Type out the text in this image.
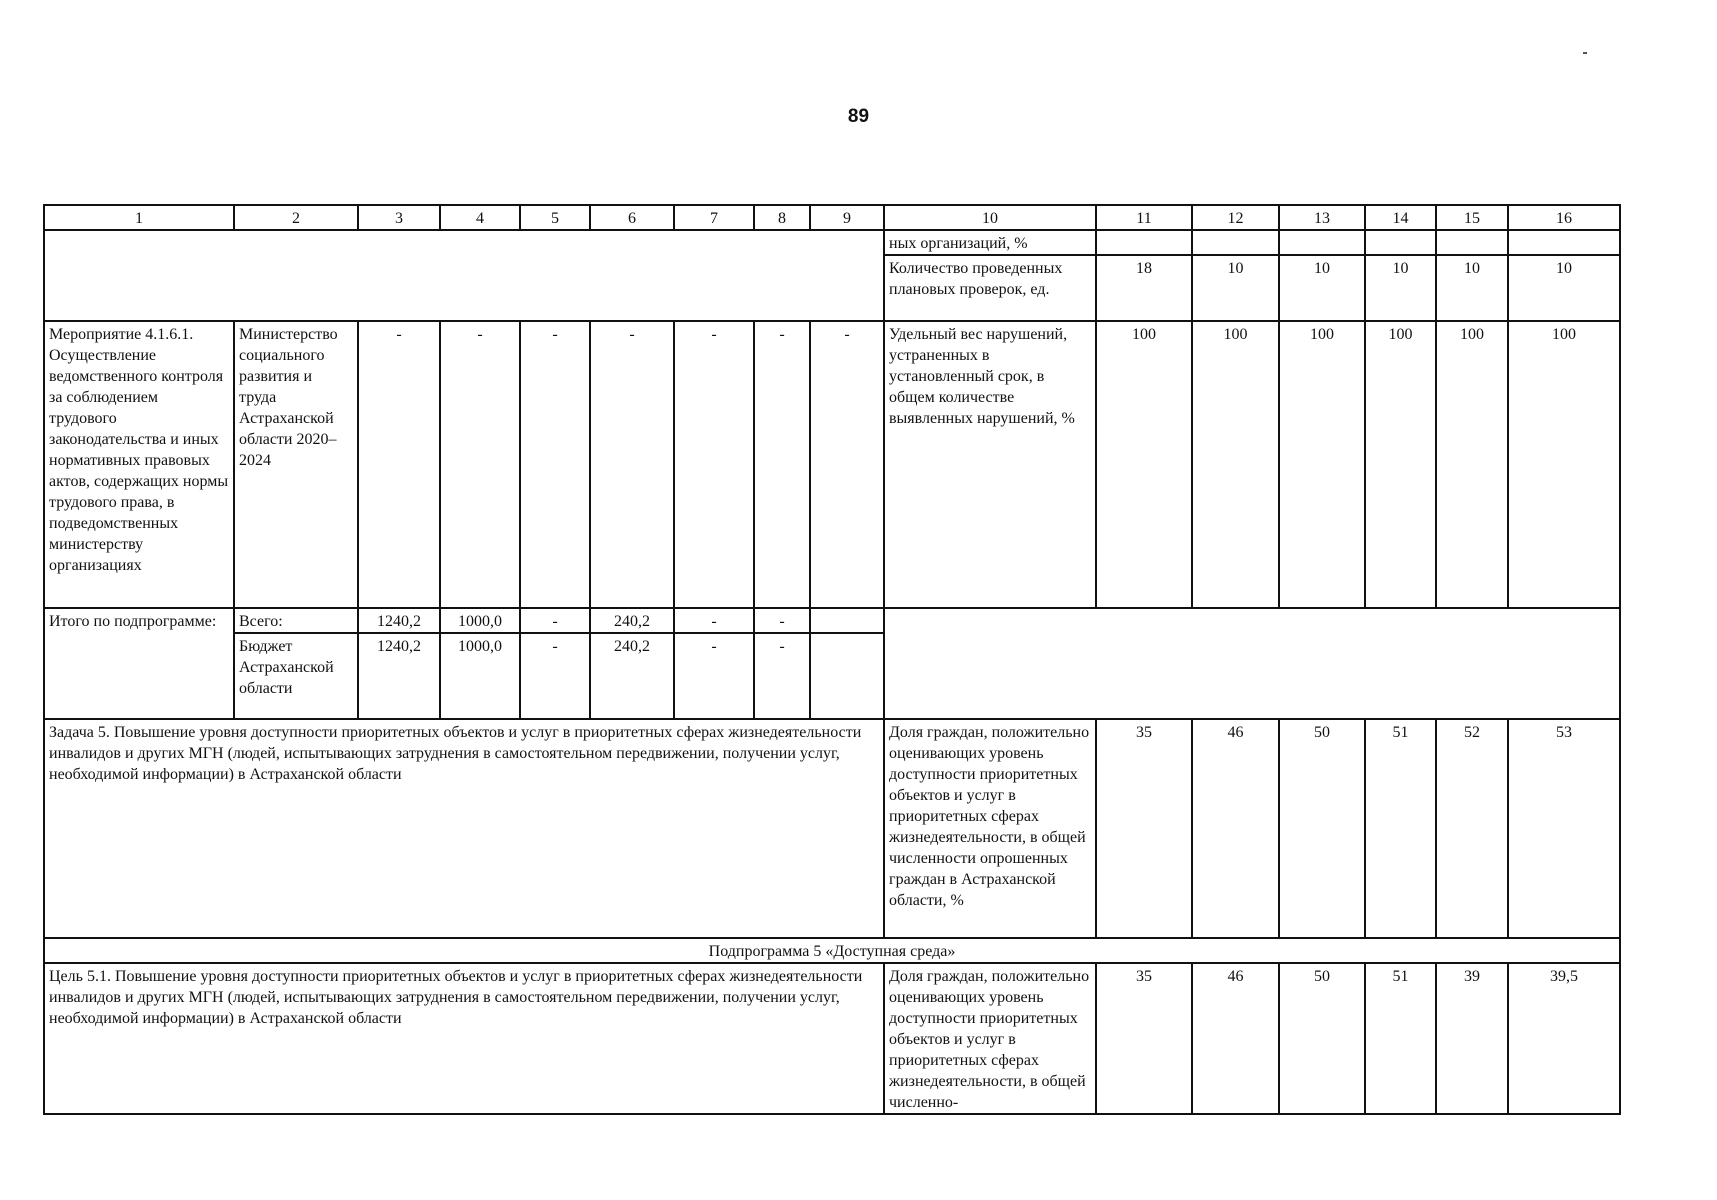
89
1	2	3	4	5	6	7	8	9	10	11	12	13	14	15	16
									ных организаций, %						
									Количество проведенных плановых проверок, ед.	18	10	10	10	10	10
Мероприятие 4.1.6.1. Осуществление ведомственного контроля за соблюдением трудового законодательства и иных нормативных правовых актов, содержащих нормы трудового права, в подведомственных министерству организациях	Министерство социального развития и труда Астраханской области 2020–2024	-	-	-	-	-	-	-	Удельный вес нарушений, устраненных в установленный срок, в общем количестве выявленных нарушений, %	100	100	100	100	100	100
Итого по подпрограмме:	Всего:	1240,2	1000,0	-	240,2	-	-								
	Бюджет Астраханской области	1240,2	1000,0	-	240,2	-	-								
Задача 5. Повышение уровня доступности приоритетных объектов и услуг в приоритетных сферах жизнедеятельности инвалидов и других МГН (людей, испытывающих затруднения в самостоятельном передвижении, получении услуг, необходимой информации) в Астраханской области									Доля граждан, положительно оценивающих уровень доступности приоритетных объектов и услуг в приоритетных сферах жизнедеятельности, в общей численности опрошенных граждан в Астраханской области, %	35	46	50	51	52	53
Подпрограмма 5 «Доступная среда»															
Цель 5.1. Повышение уровня доступности приоритетных объектов и услуг в приоритетных сферах жизнедеятельности инвалидов и других МГН (людей, испытывающих затруднения в самостоятельном передвижении, получении услуг, необходимой информации) в Астраханской области									Доля граждан, положительно оценивающих уровень доступности приоритетных объектов и услуг в приоритетных сферах жизнедеятельности, в общей численно-	35	46	50	51	39	39,5
